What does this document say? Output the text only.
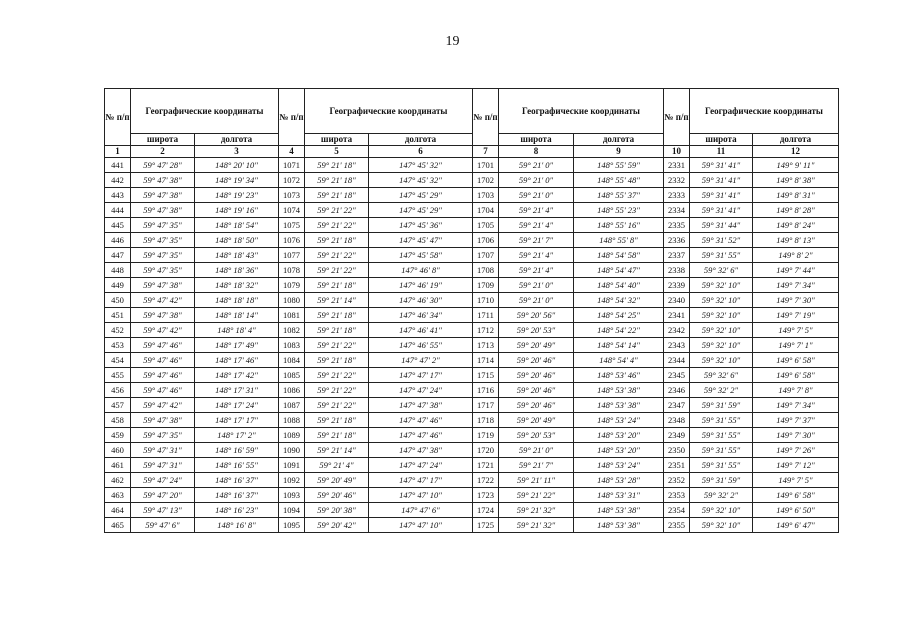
19
№ п/п	Географические координаты		№ п/п	Географические координаты		№ п/п	Географические координаты		№ п/п	Географические координаты	
	широта	долгота		широта	долгота		широта	долгота		широта	долгота
1	2	3	4	5	6	7	8	9	10	11	12
441	59° 47' 28"	148° 20' 10"	1071	59° 21' 18"	147° 45' 32"	1701	59° 21' 0"	148° 55' 59"	2331	59° 31' 41"	149° 9' 11"
442	59° 47' 38"	148° 19' 34"	1072	59° 21' 18"	147° 45' 32"	1702	59° 21' 0"	148° 55' 48"	2332	59° 31' 41"	149° 8' 38"
443	59° 47' 38"	148° 19' 23"	1073	59° 21' 18"	147° 45' 29"	1703	59° 21' 0"	148° 55' 37"	2333	59° 31' 41"	149° 8' 31"
444	59° 47' 38"	148° 19' 16"	1074	59° 21' 22"	147° 45' 29"	1704	59° 21' 4"	148° 55' 23"	2334	59° 31' 41"	149° 8' 28"
445	59° 47' 35"	148° 18' 54"	1075	59° 21' 22"	147° 45' 36"	1705	59° 21' 4"	148° 55' 16"	2335	59° 31' 44"	149° 8' 24"
446	59° 47' 35"	148° 18' 50"	1076	59° 21' 18"	147° 45' 47"	1706	59° 21' 7"	148° 55' 8"	2336	59° 31' 52"	149° 8' 13"
447	59° 47' 35"	148° 18' 43"	1077	59° 21' 22"	147° 45' 58"	1707	59° 21' 4"	148° 54' 58"	2337	59° 31' 55"	149° 8' 2"
448	59° 47' 35"	148° 18' 36"	1078	59° 21' 22"	147° 46' 8"	1708	59° 21' 4"	148° 54' 47"	2338	59° 32' 6"	149° 7' 44"
449	59° 47' 38"	148° 18' 32"	1079	59° 21' 18"	147° 46' 19"	1709	59° 21' 0"	148° 54' 40"	2339	59° 32' 10"	149° 7' 34"
450	59° 47' 42"	148° 18' 18"	1080	59° 21' 14"	147° 46' 30"	1710	59° 21' 0"	148° 54' 32"	2340	59° 32' 10"	149° 7' 30"
451	59° 47' 38"	148° 18' 14"	1081	59° 21' 18"	147° 46' 34"	1711	59° 20' 56"	148° 54' 25"	2341	59° 32' 10"	149° 7' 19"
452	59° 47' 42"	148° 18' 4"	1082	59° 21' 18"	147° 46' 41"	1712	59° 20' 53"	148° 54' 22"	2342	59° 32' 10"	149° 7' 5"
453	59° 47' 46"	148° 17' 49"	1083	59° 21' 22"	147° 46' 55"	1713	59° 20' 49"	148° 54' 14"	2343	59° 32' 10"	149° 7' 1"
454	59° 47' 46"	148° 17' 46"	1084	59° 21' 18"	147° 47' 2"	1714	59° 20' 46"	148° 54' 4"	2344	59° 32' 10"	149° 6' 58"
455	59° 47' 46"	148° 17' 42"	1085	59° 21' 22"	147° 47' 17"	1715	59° 20' 46"	148° 53' 46"	2345	59° 32' 6"	149° 6' 58"
456	59° 47' 46"	148° 17' 31"	1086	59° 21' 22"	147° 47' 24"	1716	59° 20' 46"	148° 53' 38"	2346	59° 32' 2"	149° 7' 8"
457	59° 47' 42"	148° 17' 24"	1087	59° 21' 22"	147° 47' 38"	1717	59° 20' 46"	148° 53' 38"	2347	59° 31' 59"	149° 7' 34"
458	59° 47' 38"	148° 17' 17"	1088	59° 21' 18"	147° 47' 46"	1718	59° 20' 49"	148° 53' 24"	2348	59° 31' 55"	149° 7' 37"
459	59° 47' 35"	148° 17' 2"	1089	59° 21' 18"	147° 47' 46"	1719	59° 20' 53"	148° 53' 20"	2349	59° 31' 55"	149° 7' 30"
460	59° 47' 31"	148° 16' 59"	1090	59° 21' 14"	147° 47' 38"	1720	59° 21' 0"	148° 53' 20"	2350	59° 31' 55"	149° 7' 26"
461	59° 47' 31"	148° 16' 55"	1091	59° 21' 4"	147° 47' 24"	1721	59° 21' 7"	148° 53' 24"	2351	59° 31' 55"	149° 7' 12"
462	59° 47' 24"	148° 16' 37"	1092	59° 20' 49"	147° 47' 17"	1722	59° 21' 11"	148° 53' 28"	2352	59° 31' 59"	149° 7' 5"
463	59° 47' 20"	148° 16' 37"	1093	59° 20' 46"	147° 47' 10"	1723	59° 21' 22"	148° 53' 31"	2353	59° 32' 2"	149° 6' 58"
464	59° 47' 13"	148° 16' 23"	1094	59° 20' 38"	147° 47' 6"	1724	59° 21' 32"	148° 53' 38"	2354	59° 32' 10"	149° 6' 50"
465	59° 47' 6"	148° 16' 8"	1095	59° 20' 42"	147° 47' 10"	1725	59° 21' 32"	148° 53' 38"	2355	59° 32' 10"	149° 6' 47"
